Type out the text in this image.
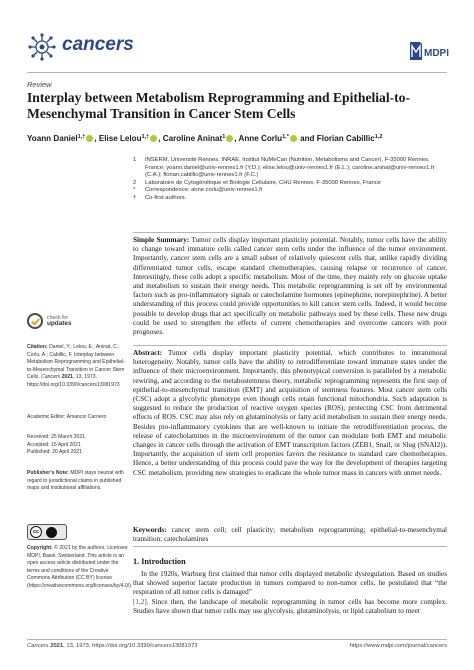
cancers	MDPI
Review
Interplay between Metabolism Reprogramming and Epithelial-to-Mesenchymal Transition in Cancer Stem Cells
Yoann Daniel$^{1,\dagger}$ , Elise Lelou$^{1,\dagger}$ , Caroline Aninat$^1$ , Anne Corlu$^{1,*}$ and Florian Cabillic$^{1,2}$
1	INSERM, Université Rennes, INRAE, Institut NuMeCan (Nutrition, Metabolisms and Cancer), F-35000 Rennes, France; yoann.daniel@univ-rennes1.fr (Y.D.); elise.lelou@univ-rennes1.fr (E.L.); caroline.aninat@univ-rennes1.fr (C.A.); florian.cabillic@univ-rennes1.fr (F.C.)
2	Laboratoire de Cytogénétique et Biologie Cellulaire, CHU Rennes, F-35000 Rennes, France
*	Correspondence: anne.corlu@univ-rennes1.fr
†	Co-first authors.

Simple Summary: Tumor cells display important plasticity potential. Notably, tumor cells have the ability to change toward immature cells called cancer stem cells under the influence of the tumor environment. Importantly, cancer stem cells are a small subset of relatively quiescent cells that, unlike rapidly dividing differentiated tumor cells, escape standard chemotherapies, causing relapse or recurrence of cancer. Interestingly, these cells adopt a specific metabolism. Most of the time, they mainly rely on glucose uptake and metabolism to sustain their energy needs. This metabolic reprogramming is set off by environmental factors such as pro-inflammatory signals or catecholamine hormones (epinephrine, norepinephrine). A better understanding of this process could provide opportunities to kill cancer stem cells. Indeed, it would become possible to develop drugs that act specifically on metabolic pathways used by these cells. These new drugs could be used to strengthen the effects of current chemotherapies and overcome cancers with poor prognoses.

Abstract: Tumor cells display important plasticity potential, which contributes to intratumoral heterogeneity. Notably, tumor cells have the ability to retrodifferentiate toward immature states under the influence of their microenvironment. Importantly, this phenotypical conversion is paralleled by a metabolic rewiring, and according to the metabostemness theory, metabolic reprogramming represents the first step of epithelial-to-mesenchymal transition (EMT) and acquisition of stemness features. Most cancer stem cells (CSC) adopt a glycolytic phenotype even though cells retain functional mitochondria. Such adaptation is suggested to reduce the production of reactive oxygen species (ROS), protecting CSC from detrimental effects of ROS. CSC may also rely on glutaminolysis or fatty acid metabolism to sustain their energy needs. Besides pro-inflammatory cytokines that are well-known to initiate the retrodifferentiation process, the release of catecholamines in the microenvironment of the tumor can modulate both EMT and metabolic changes in cancer cells through the activation of EMT transcription factors (ZEB1, Snail, or Slug (SNAI2)). Importantly, the acquisition of stem cell properties favors the resistance to standard care chemotherapies. Hence, a better understanding of this process could pave the way for the development of therapies targeting CSC metabolism, providing new strategies to eradicate the whole tumor mass in cancers with unmet needs.

Keywords: cancer stem cell; cell plasticity; metabolism reprogramming; epithelial-to-mesenchymal transition; catecholamines

1. Introduction

In the 1920s, Warburg first claimed that tumor cells displayed metabolic dysregulation. Based on studies that showed superior lactate production in tumors compared to non-tumor cells, he postulated that “the respiration of all tumor cells is damaged”[1,2]. Since then, the landscape of metabolic reprogramming in tumor cells has become more complex. Studies have shown that tumor cells may use glycolysis, glutaminolysis, or lipid catabolism to meet

check for
updates
Citation: Daniel, Y.; Lelou, E.; Aninat, C.; Corlu, A.; Cabillic, F. Interplay between Metabolism Reprogramming and Epithelial-to-Mesenchymal Transition in Cancer Stem Cells. Cancers 2021, 13, 1973. https://doi.org/10.3390/cancers13081973
Academic Editor: Amancio Carnero
Received: 25 March 2021
Accepted: 15 April 2021
Published: 20 April 2021
Publisher’s Note: MDPI stays neutral with regard to jurisdictional claims in published maps and institutional affiliations.
cc
Copyright: © 2021 by the authors. Licensee MDPI, Basel, Switzerland. This article is an open access article distributed under the terms and conditions of the Creative Commons Attribution (CC BY) license (https://creativecommons.org/licenses/by/4.0/).
Cancers 2021, 13, 1973. https://doi.org/10.3390/cancers13081973	https://www.mdpi.com/journal/cancers
